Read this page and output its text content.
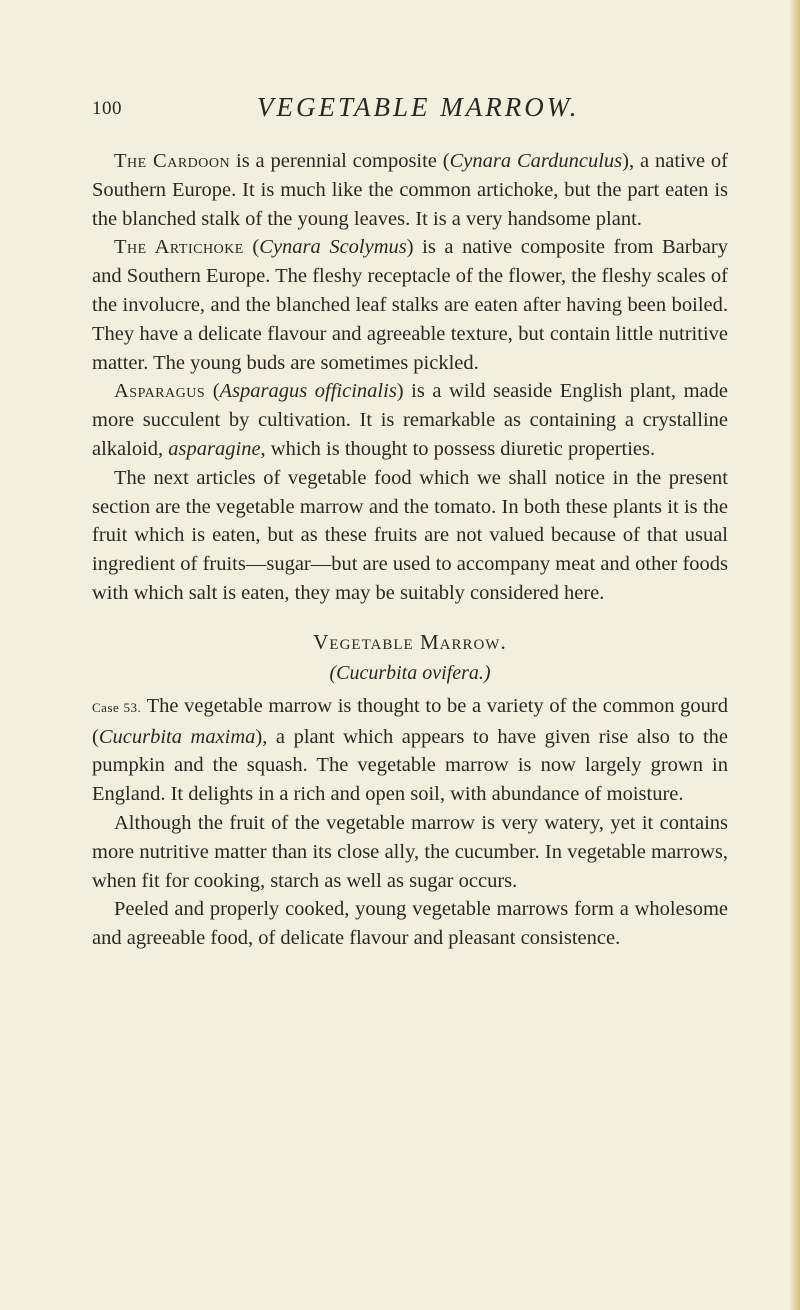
100	VEGETABLE MARROW.

The Cardoon is a perennial composite (Cynara Cardunculus), a native of Southern Europe. It is much like the common artichoke, but the part eaten is the blanched stalk of the young leaves. It is a very handsome plant.

The Artichoke (Cynara Scolymus) is a native composite from Barbary and Southern Europe. The fleshy receptacle of the flower, the fleshy scales of the involucre, and the blanched leaf stalks are eaten after having been boiled. They have a delicate flavour and agreeable texture, but contain little nutritive matter. The young buds are sometimes pickled.

Asparagus (Asparagus officinalis) is a wild seaside English plant, made more succulent by cultivation. It is remarkable as containing a crystalline alkaloid, asparagine, which is thought to possess diuretic properties.

The next articles of vegetable food which we shall notice in the present section are the vegetable marrow and the tomato. In both these plants it is the fruit which is eaten, but as these fruits are not valued because of that usual ingredient of fruits—sugar—but are used to accompany meat and other foods with which salt is eaten, they may be suitably considered here.

Vegetable Marrow.
(Cucurbita ovifera.)

Case 53. The vegetable marrow is thought to be a variety of the common gourd (Cucurbita maxima), a plant which appears to have given rise also to the pumpkin and the squash. The vegetable marrow is now largely grown in England. It delights in a rich and open soil, with abundance of moisture.

Although the fruit of the vegetable marrow is very watery, yet it contains more nutritive matter than its close ally, the cucumber. In vegetable marrows, when fit for cooking, starch as well as sugar occurs.

Peeled and properly cooked, young vegetable marrows form a wholesome and agreeable food, of delicate flavour and pleasant consistence.
